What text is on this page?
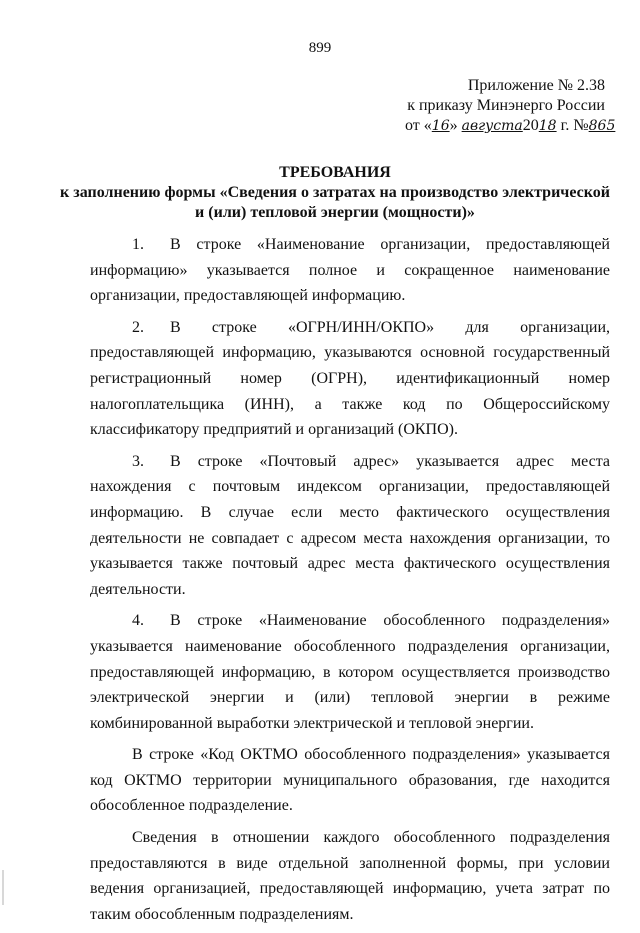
899
Приложение № 2.38
к приказу Минэнерго России
от «16» августа2018 г. №865
ТРЕБОВАНИЯ
к заполнению формы «Сведения о затратах на производство электрической и (или) тепловой энергии (мощности)»

1. В строке «Наименование организации, предоставляющей информацию» указывается полное и сокращенное наименование организации, предоставляющей информацию.

2. В строке «ОГРН/ИНН/ОКПО» для организации, предоставляющей информацию, указываются основной государственный регистрационный номер (ОГРН), идентификационный номер налогоплательщика (ИНН), а также код по Общероссийскому классификатору предприятий и организаций (ОКПО).

3. В строке «Почтовый адрес» указывается адрес места нахождения с почтовым индексом организации, предоставляющей информацию. В случае если место фактического осуществления деятельности не совпадает с адресом места нахождения организации, то указывается также почтовый адрес места фактического осуществления деятельности.

4. В строке «Наименование обособленного подразделения» указывается наименование обособленного подразделения организации, предоставляющей информацию, в котором осуществляется производство электрической энергии и (или) тепловой энергии в режиме комбинированной выработки электрической и тепловой энергии.

В строке «Код ОКТМО обособленного подразделения» указывается код ОКТМО территории муниципального образования, где находится обособленное подразделение.

Сведения в отношении каждого обособленного подразделения предоставляются в виде отдельной заполненной формы, при условии ведения организацией, предоставляющей информацию, учета затрат по таким обособленным подразделениям.
